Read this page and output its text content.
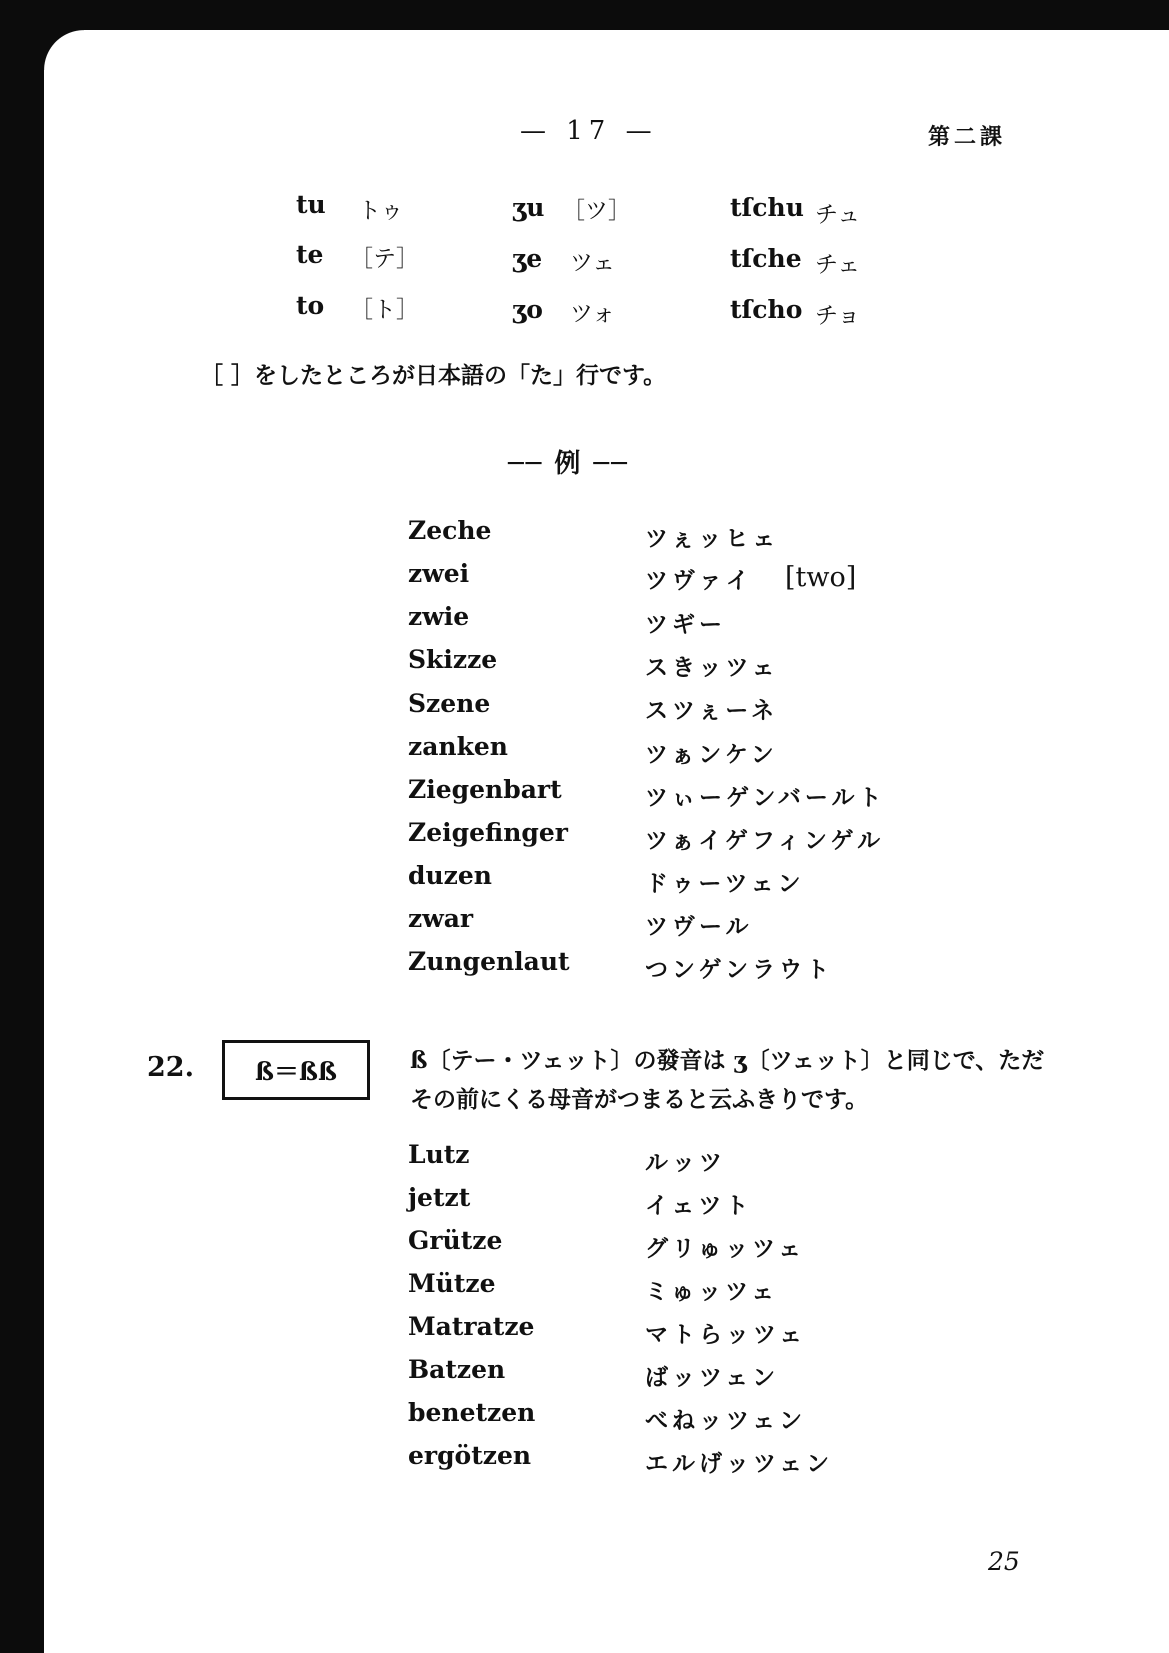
— 17 —	第二課
tu トゥ	ʒu ［ツ］	tſchu チュ
te ［テ］	ʒe ツェ	tſche チェ
to ［ト］	ʒo ツォ	tſcho チョ
［ ］をしたところが日本語の「た」行です。
── 例 ──
Zeche	ツぇッヒェ
zwei	ツヴァイ [two]
zwie	ツギー
Skizze	スきッツェ
Szene	スツぇーネ
zanken	ツぁンケン
Ziegenbart	ツぃーゲンバールト
Zeigefinger	ツぁイゲフィンゲル
duzen	ドゥーツェン
zwar	ツヴール
Zungenlaut	つンゲンラウト
22. ß＝ßß	ß〔テー・ツェット〕の發音は ʒ〔ツェット〕と同じで、ただ
その前にくる母音がつまると云ふきりです。
Lutz	ルッツ
jetzt	イェツト
Grütze	グリゅッツェ
Mütze	ミゅッツェ
Matratze	マトらッツェ
Batzen	ばッツェン
benetzen	べねッツェン
ergötzen	エルげッツェン
25
